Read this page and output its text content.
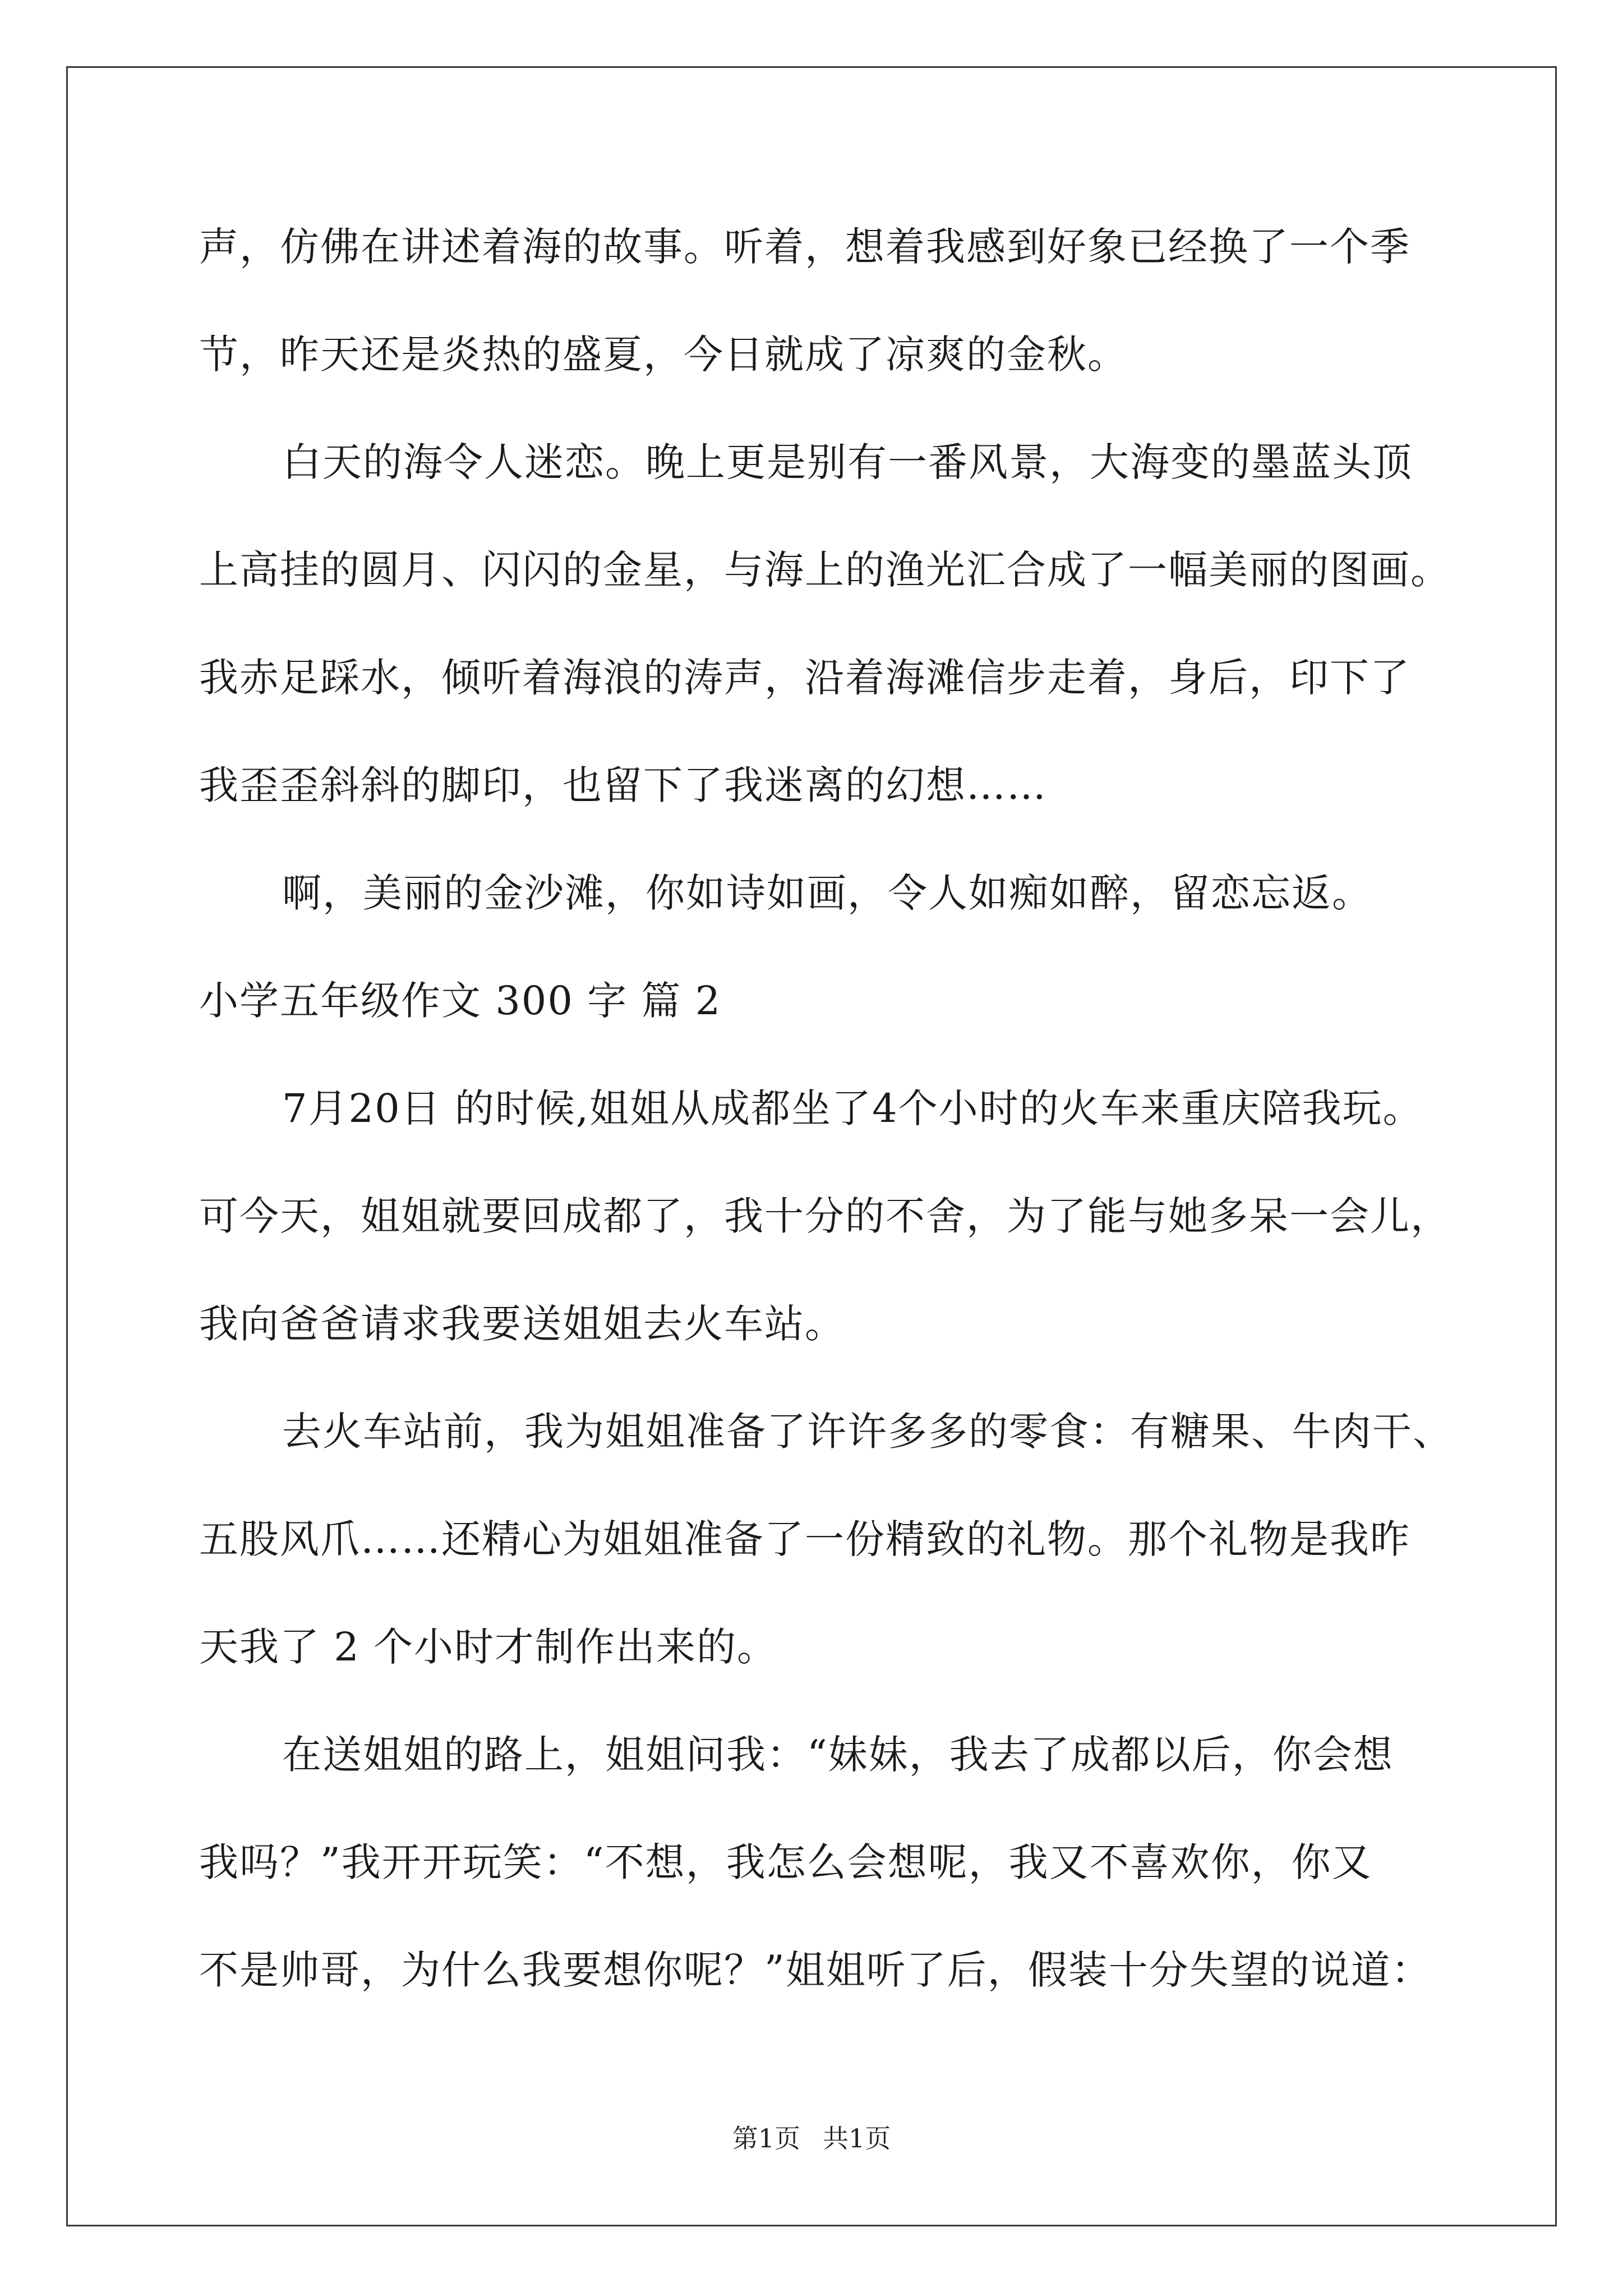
声，仿佛在讲述着海的故事。听着，想着我感到好象已经换了一个季
节，昨天还是炎热的盛夏，今日就成了凉爽的金秋。
白天的海令人迷恋。晚上更是别有一番风景，大海变的墨蓝头顶
上高挂的圆月、闪闪的金星，与海上的渔光汇合成了一幅美丽的图画。
我赤足踩水，倾听着海浪的涛声，沿着海滩信步走着，身后，印下了
我歪歪斜斜的脚印，也留下了我迷离的幻想……
啊，美丽的金沙滩，你如诗如画，令人如痴如醉，留恋忘返。
小学五年级作文 300 字 篇 2
7月20日 的时候,姐姐从成都坐了4个小时的火车来重庆陪我玩。
可今天，姐姐就要回成都了，我十分的不舍，为了能与她多呆一会儿，
我向爸爸请求我要送姐姐去火车站。
去火车站前，我为姐姐准备了许许多多的零食：有糖果、牛肉干、
五股风爪……还精心为姐姐准备了一份精致的礼物。那个礼物是我昨
天我了 2 个小时才制作出来的。
在送姐姐的路上，姐姐问我：“妹妹，我去了成都以后，你会想
我吗？”我开开玩笑：“不想，我怎么会想呢，我又不喜欢你，你又
不是帅哥，为什么我要想你呢？”姐姐听了后，假装十分失望的说道：
第1页 共1页
